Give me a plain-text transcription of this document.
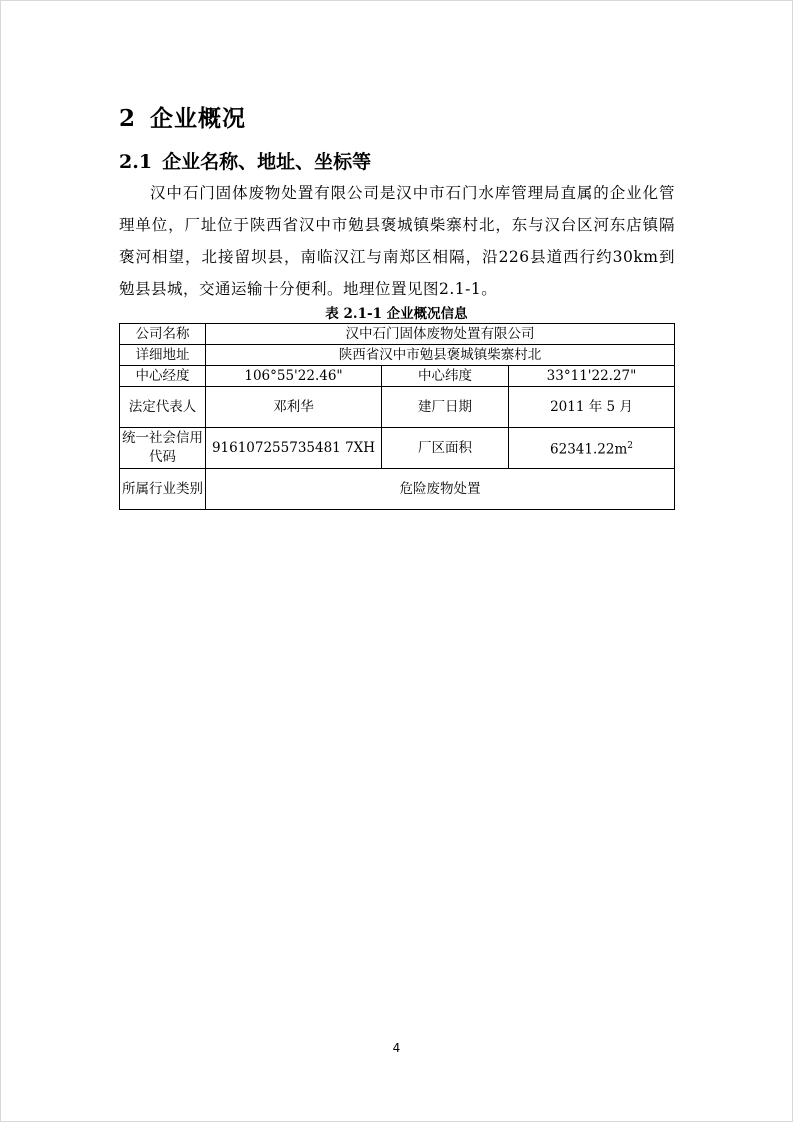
2 企业概况
2.1 企业名称、地址、坐标等
汉中石门固体废物处置有限公司是汉中市石门水库管理局直属的企业化管理单位，厂址位于陕西省汉中市勉县褒城镇柴寨村北，东与汉台区河东店镇隔褒河相望，北接留坝县，南临汉江与南郑区相隔，沿226县道西行约30km到勉县县城，交通运输十分便利。地理位置见图2.1-1。
表 2.1-1 企业概况信息
公司名称	汉中石门固体废物处置有限公司		
详细地址	陕西省汉中市勉县褒城镇柴寨村北		
中心经度	106°55'22.46"	中心纬度	33°11'22.27"
法定代表人	邓利华	建厂日期	2011 年 5 月
统一社会信用代码	916107255735481 7XH	厂区面积	$62341.22m^2$
所属行业类别	危险废物处置		
4
